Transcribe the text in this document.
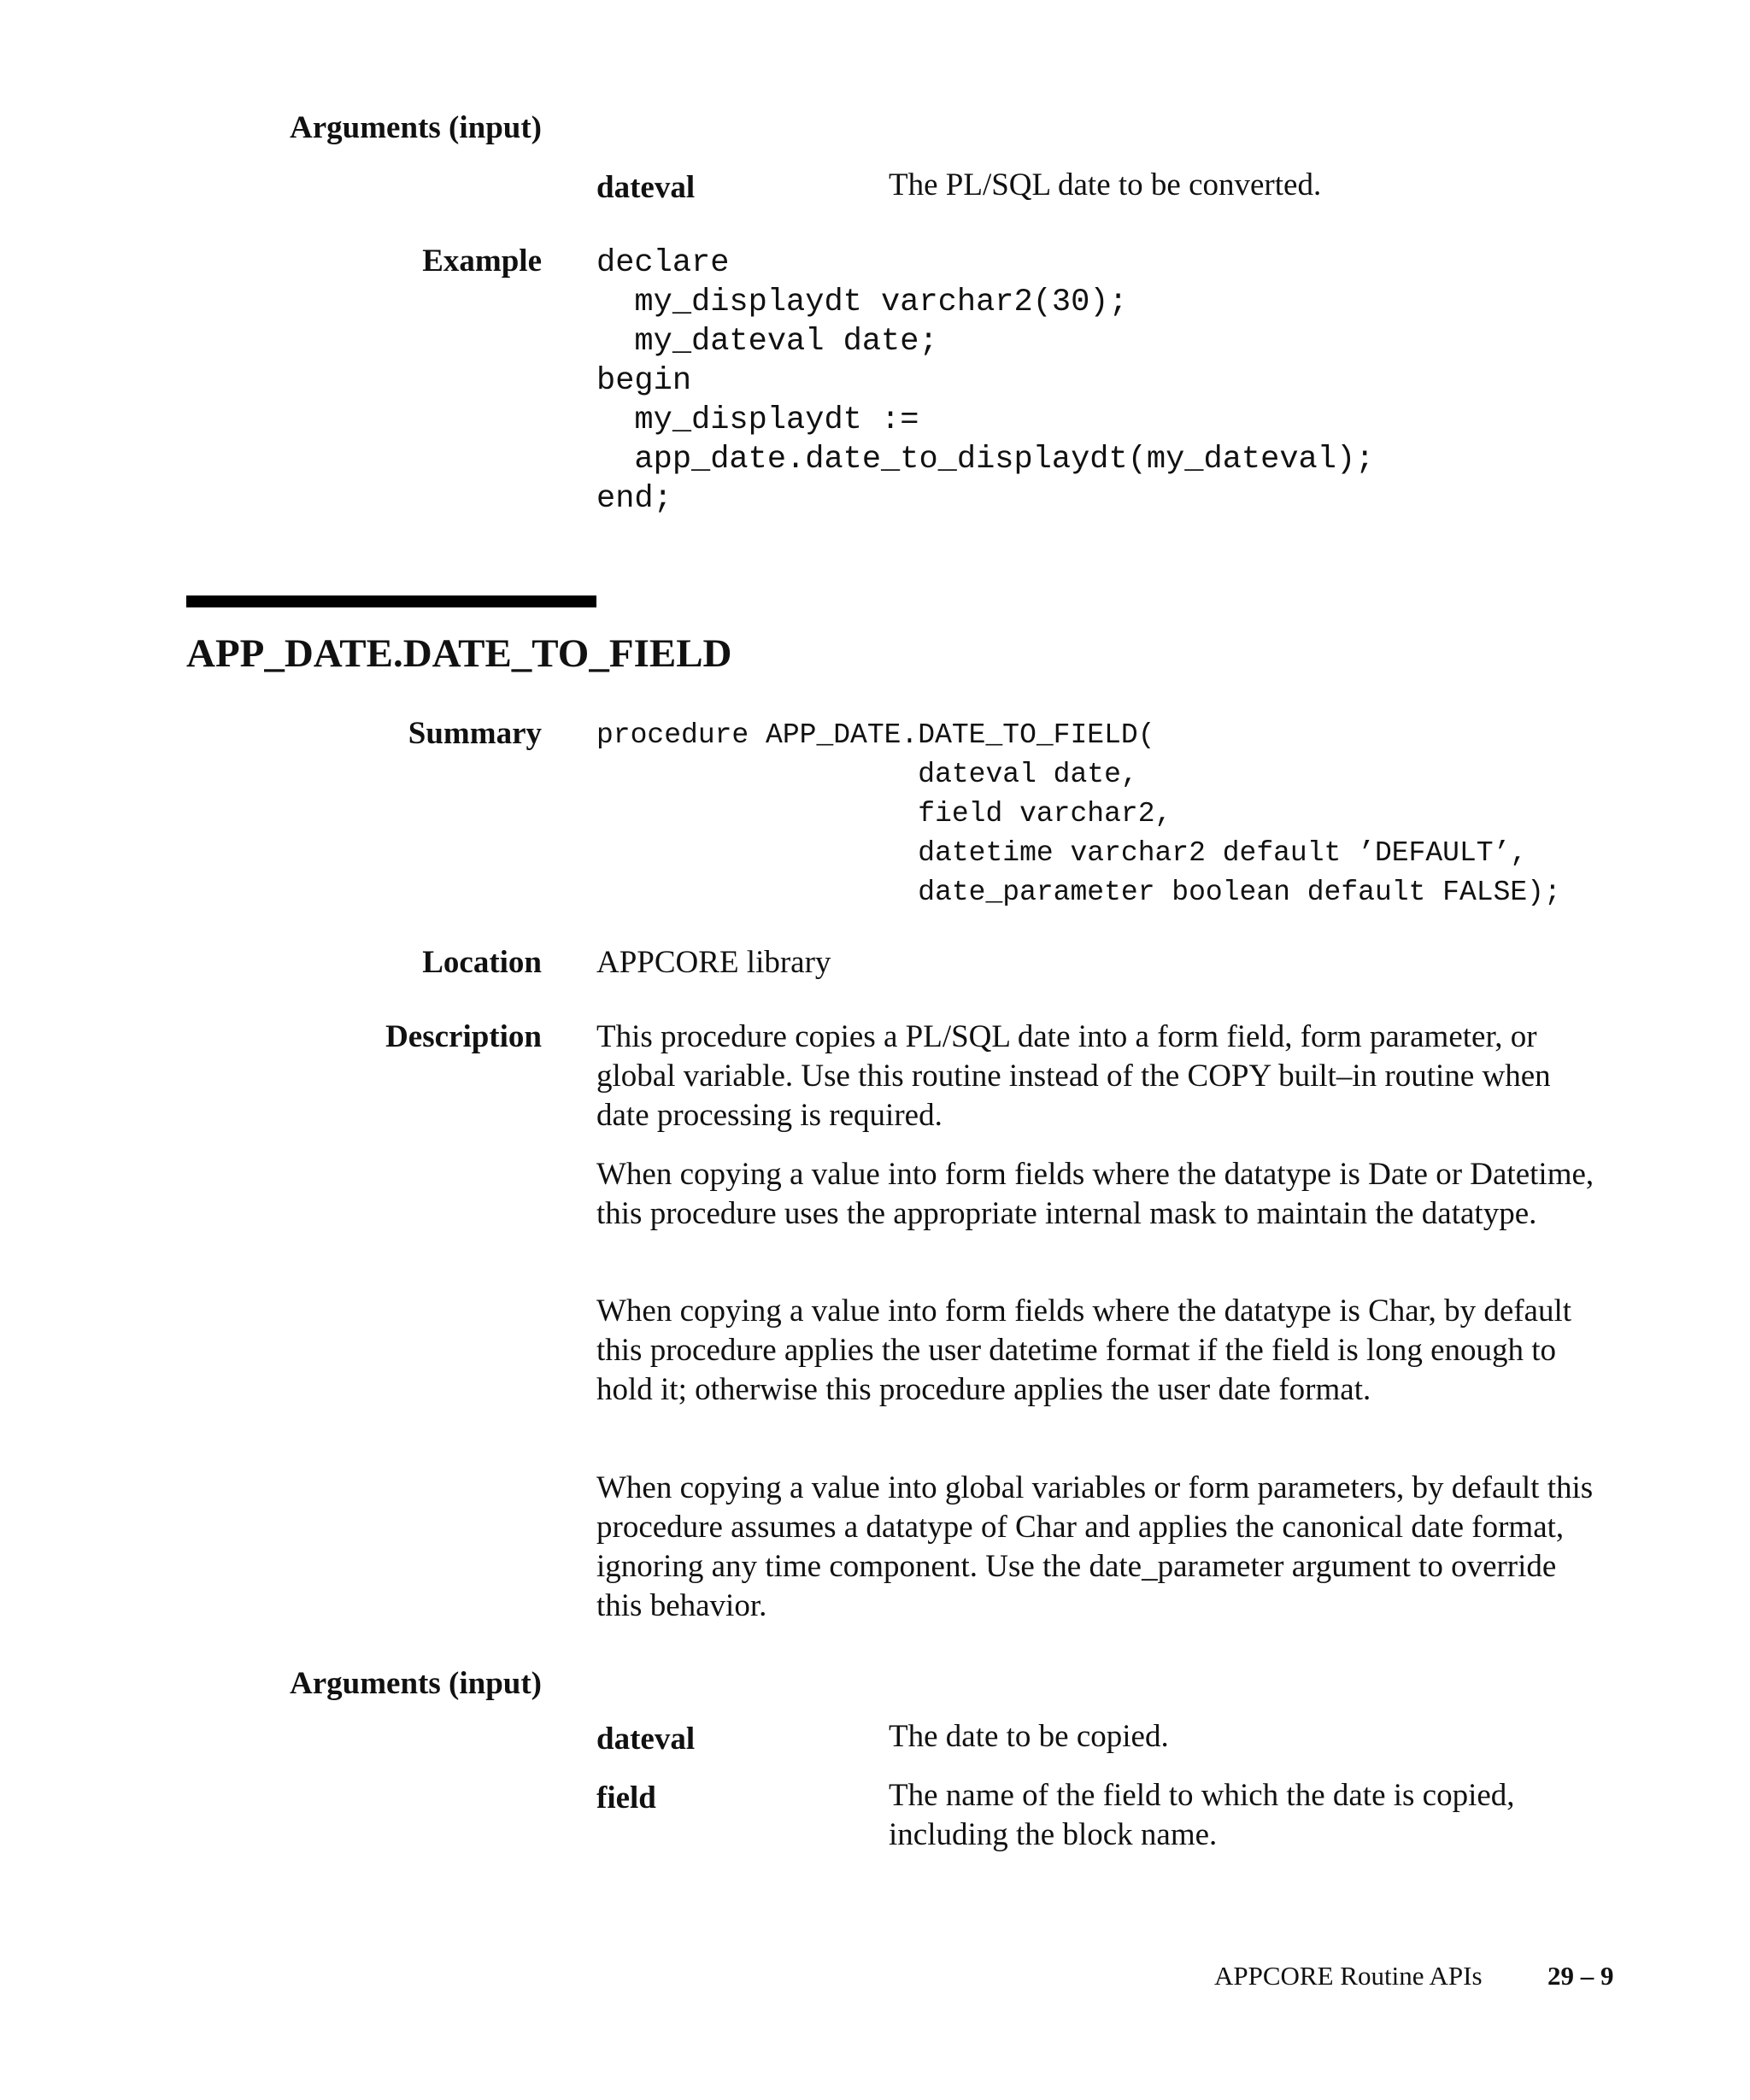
Arguments (input)
dateval	The PL/SQL date to be converted.
Example declare
my_displaydt varchar2(30);
my_dateval date;
begin
my_displaydt :=
app_date.date_to_displaydt(my_dateval);
end;
APP_DATE.DATE_TO_FIELD
Summary procedure APP_DATE.DATE_TO_FIELD(
dateval date,
field varchar2,
datetime varchar2 default ’DEFAULT’,
date_parameter boolean default FALSE);
Location APPCORE library
Description This procedure copies a PL/SQL date into a form field, form parameter, or global variable. Use this routine instead of the COPY built–in routine when date processing is required.
When copying a value into form fields where the datatype is Date or Datetime, this procedure uses the appropriate internal mask to maintain the datatype.
When copying a value into form fields where the datatype is Char, by default this procedure applies the user datetime format if the field is long enough to hold it; otherwise this procedure applies the user date format.
When copying a value into global variables or form parameters, by default this procedure assumes a datatype of Char and applies the canonical date format, ignoring any time component. Use the date_parameter argument to override this behavior.
Arguments (input)
dateval	The date to be copied.
field	The name of the field to which the date is copied, including the block name.
APPCORE Routine APIs 29 – 9
